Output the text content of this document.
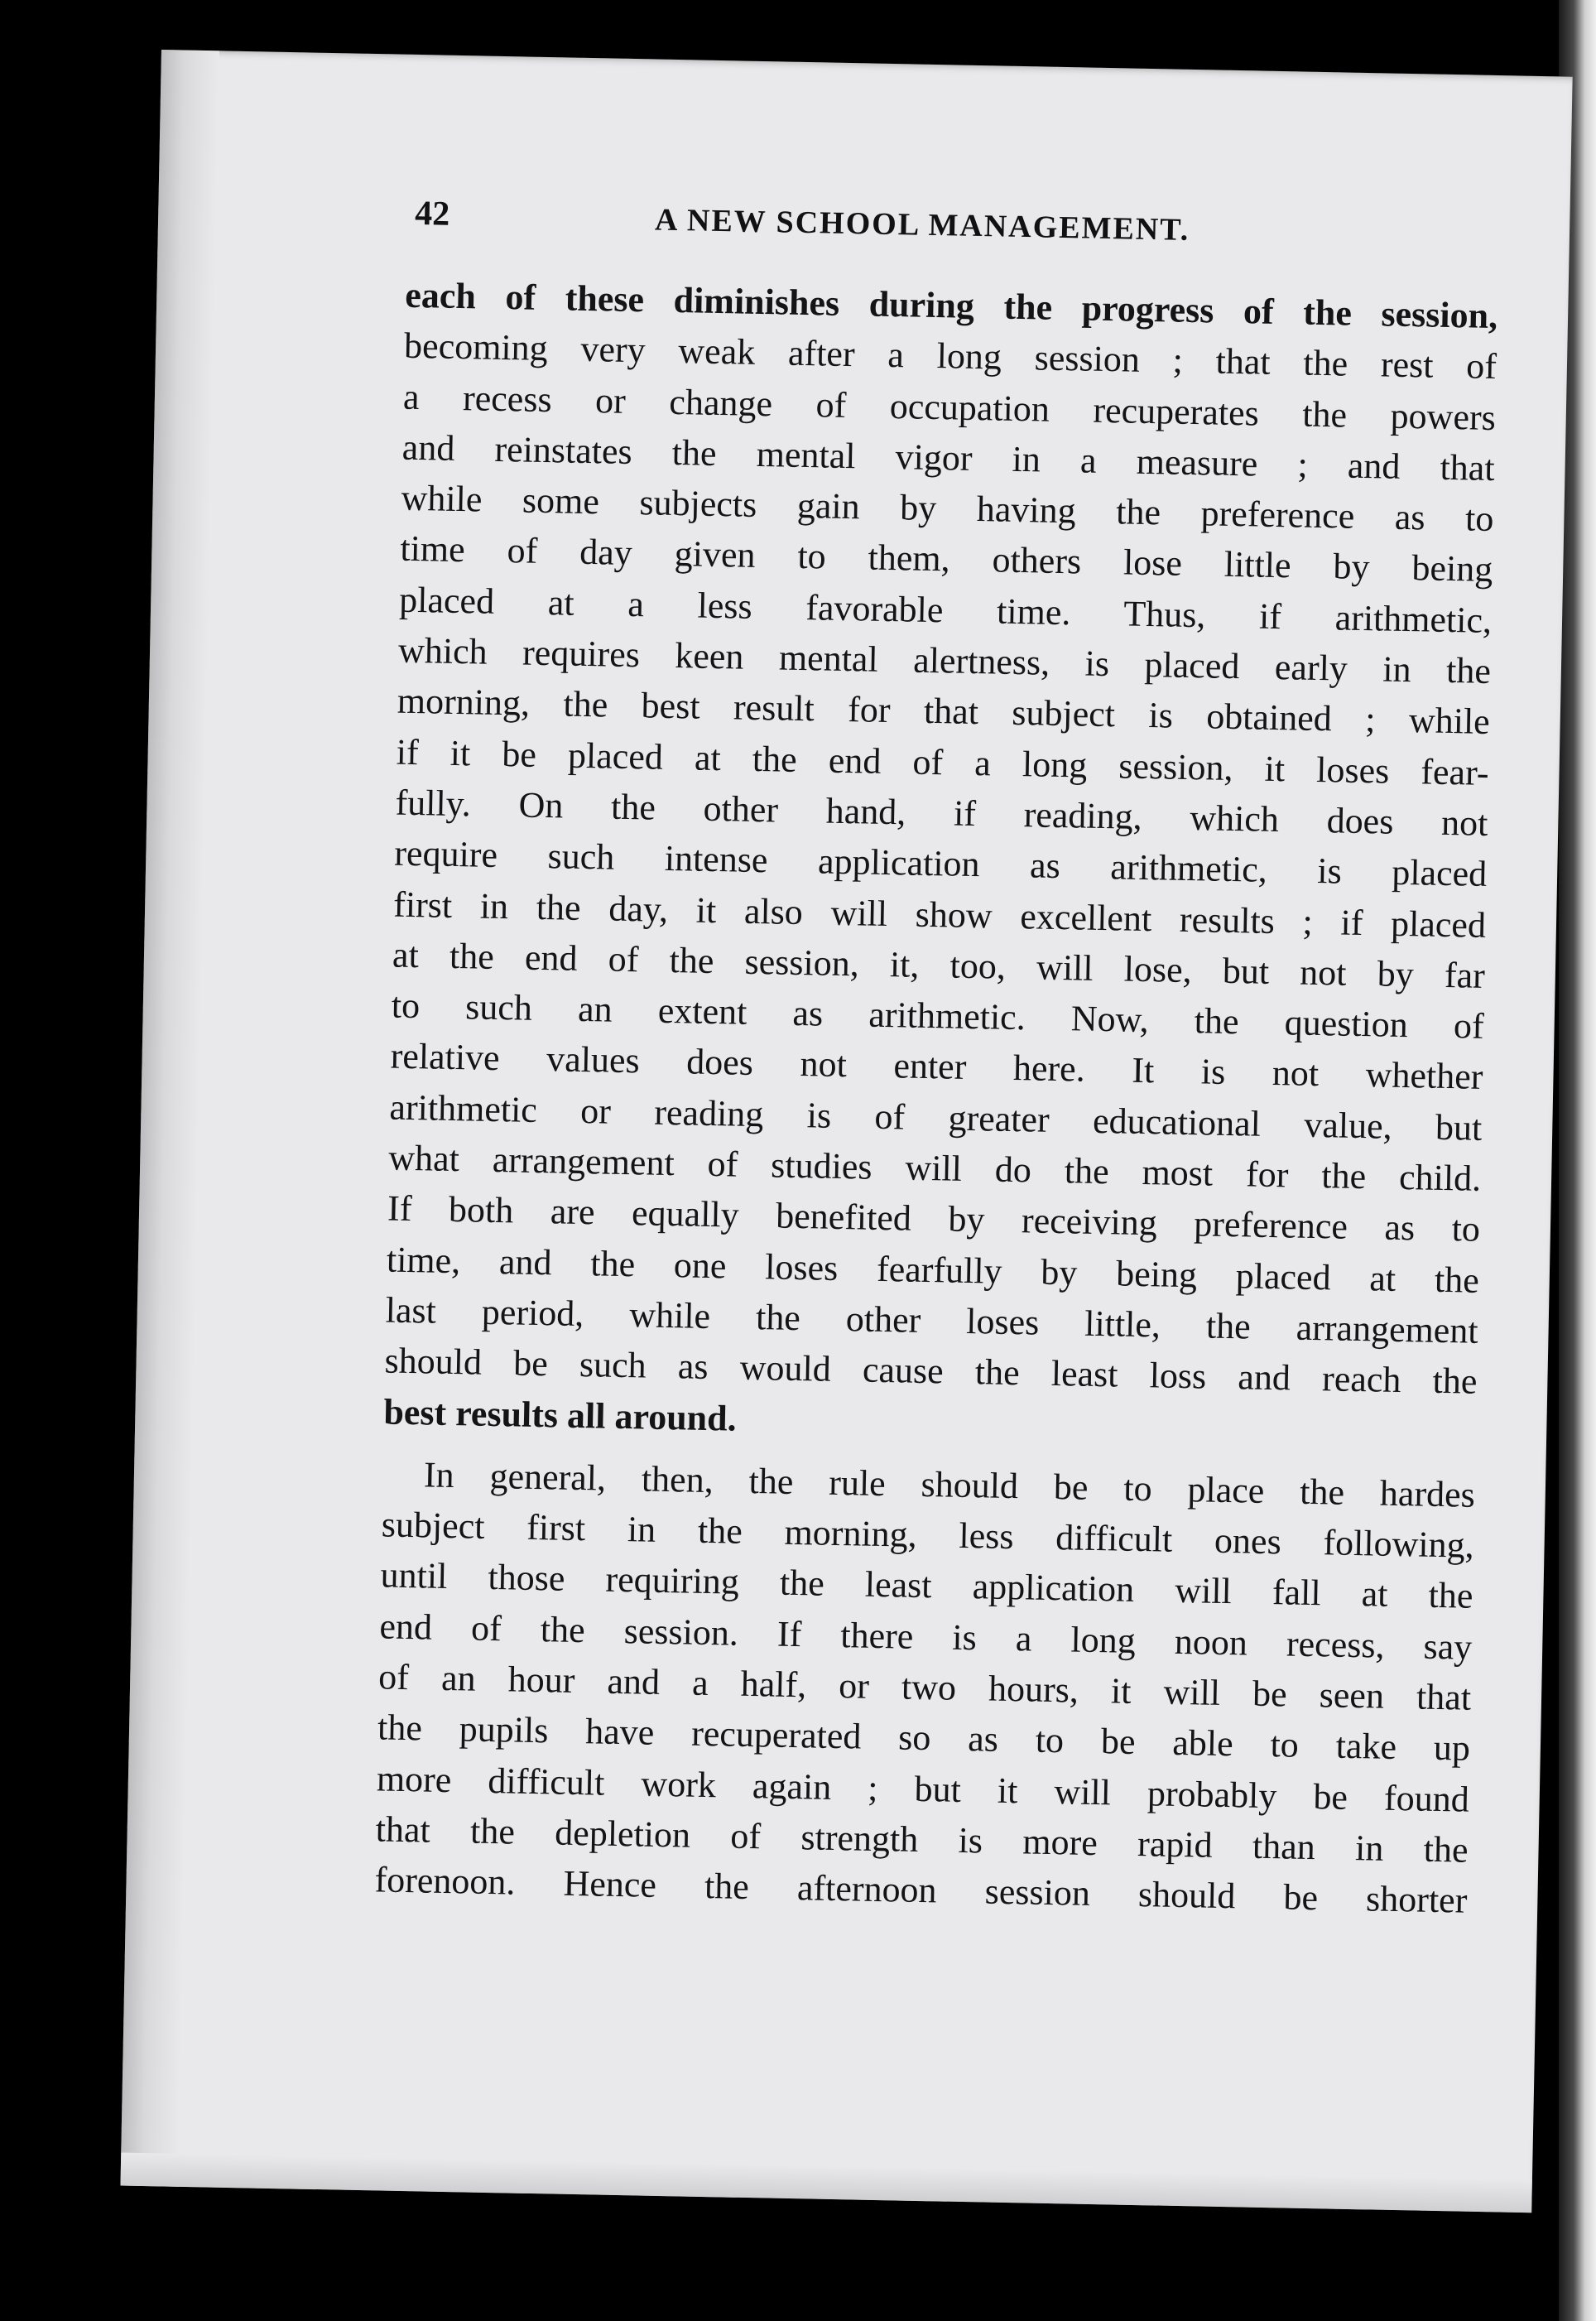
42	A NEW SCHOOL MANAGEMENT.
each of these diminishes during the progress of the session,
becoming very weak after a long session ; that the rest of
a recess or change of occupation recuperates the powers
and reinstates the mental vigor in a measure ; and that
while some subjects gain by having the preference as to
time of day given to them, others lose little by being
placed at a less favorable time. Thus, if arithmetic,
which requires keen mental alertness, is placed early in the
morning, the best result for that subject is obtained ; while
if it be placed at the end of a long session, it loses fear-
fully. On the other hand, if reading, which does not
require such intense application as arithmetic, is placed
first in the day, it also will show excellent results ; if placed
at the end of the session, it, too, will lose, but not by far
to such an extent as arithmetic. Now, the question of
relative values does not enter here. It is not whether
arithmetic or reading is of greater educational value, but
what arrangement of studies will do the most for the child.
If both are equally benefited by receiving preference as to
time, and the one loses fearfully by being placed at the
last period, while the other loses little, the arrangement
should be such as would cause the least loss and reach the
best results all around.
In general, then, the rule should be to place the hardes
subject first in the morning, less difficult ones following,
until those requiring the least application will fall at the
end of the session. If there is a long noon recess, say
of an hour and a half, or two hours, it will be seen that
the pupils have recuperated so as to be able to take up
more difficult work again ; but it will probably be found
that the depletion of strength is more rapid than in the
forenoon. Hence the afternoon session should be shorter
